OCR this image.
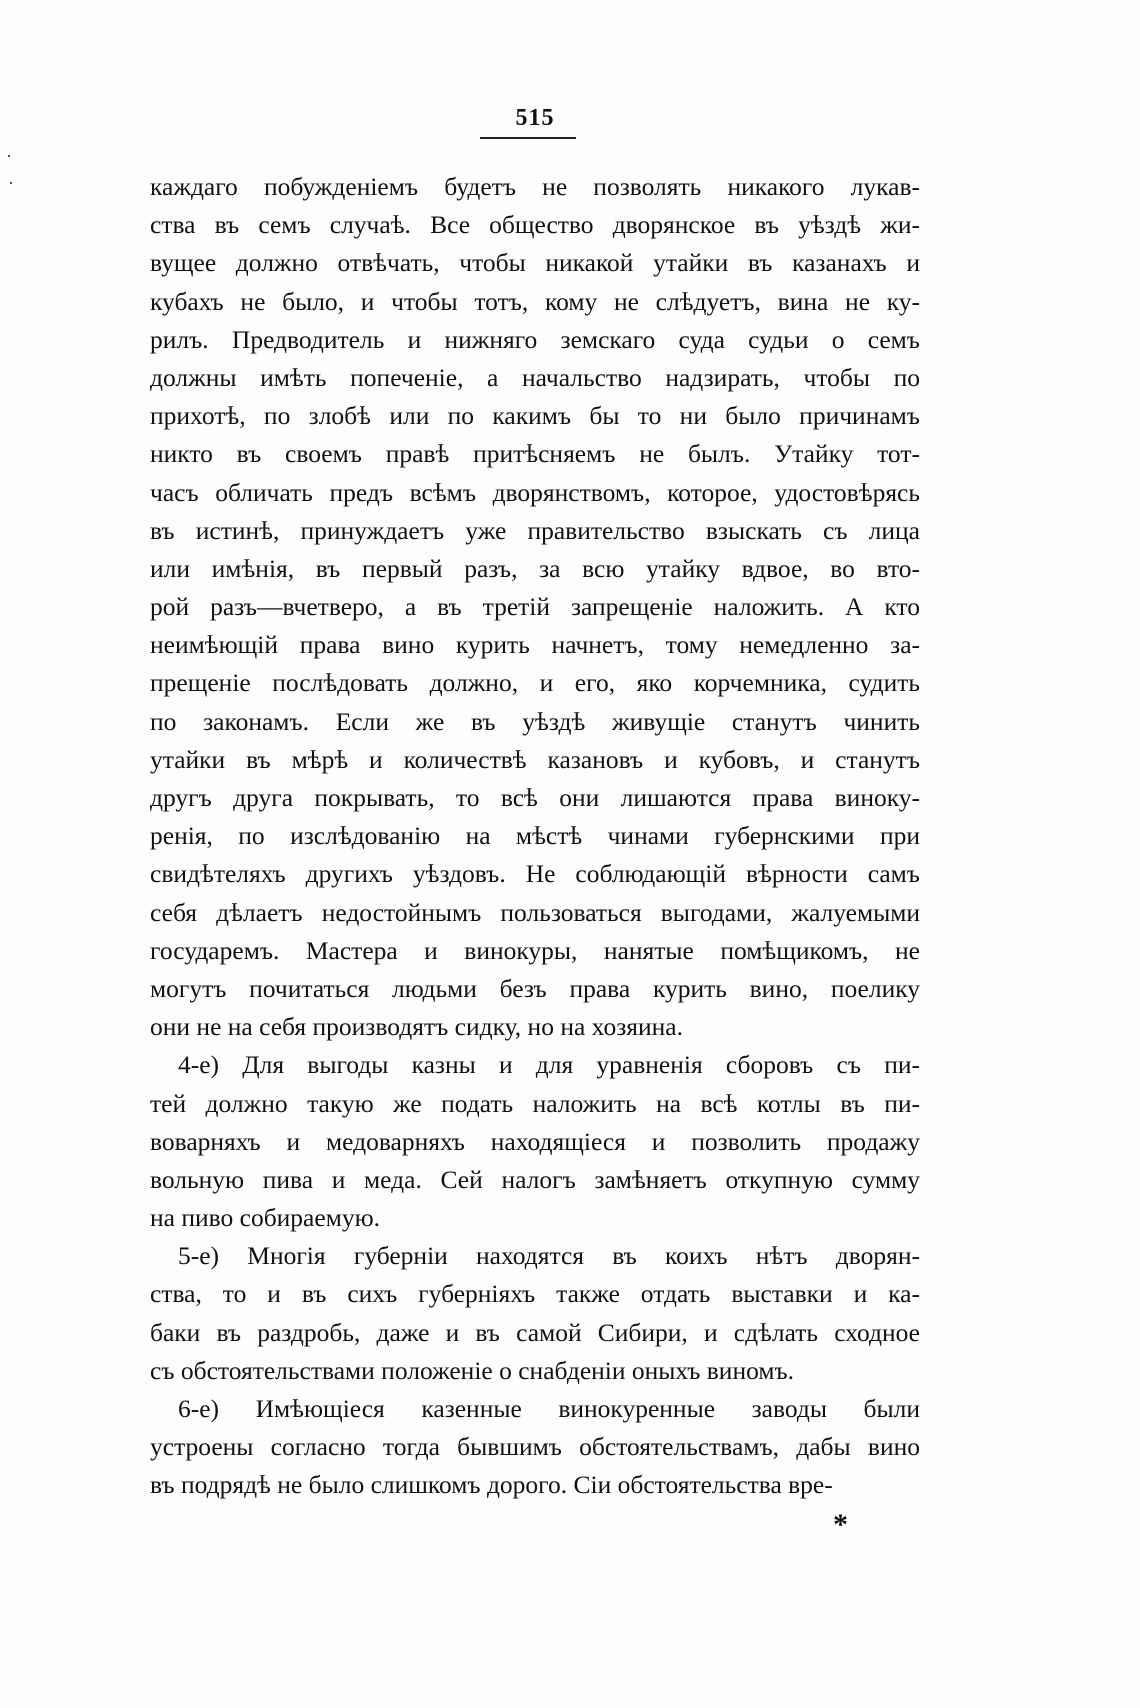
515
каждаго побужденіемъ будетъ не позволять никакого лукав-
ства въ семъ случаѣ. Все общество дворянское въ уѣздѣ жи-
вущее должно отвѣчать, чтобы никакой утайки въ казанахъ и
кубахъ не было, и чтобы тотъ, кому не слѣдуетъ, вина не ку-
рилъ. Предводитель и нижняго земскаго суда судьи о семъ
должны имѣть попеченіе, а начальство надзирать, чтобы по
прихотѣ, по злобѣ или по какимъ бы то ни было причинамъ
никто въ своемъ правѣ притѣсняемъ не былъ. Утайку тот-
часъ обличать предъ всѣмъ дворянствомъ, которое, удостовѣрясь
въ истинѣ, принуждаетъ уже правительство взыскать съ лица
или имѣнія, въ первый разъ, за всю утайку вдвое, во вто-
рой разъ—вчетверо, а въ третій запрещеніе наложить. А кто
неимѣющій права вино курить начнетъ, тому немедленно за-
прещеніе послѣдовать должно, и его, яко корчемника, судить
по законамъ. Если же въ уѣздѣ живущіе станутъ чинить
утайки въ мѣрѣ и количествѣ казановъ и кубовъ, и станутъ
другъ друга покрывать, то всѣ они лишаются права винoку-
ренія, по изслѣдованію на мѣстѣ чинами губернскими при
свидѣтеляхъ другихъ уѣздовъ. Не соблюдающій вѣрности самъ
себя дѣлаетъ недостойнымъ пользоваться выгодами, жалуемыми
государемъ. Мастера и винокуры, нанятые помѣщикомъ, не
могутъ почитаться людьми безъ права курить вино, поелику
они не на себя производятъ сидку, но на хозяина.
4-е) Для выгоды казны и для уравненія сборовъ съ пи-
тей должно такую же подать наложить на всѣ котлы въ пи-
воварняхъ и медоварняхъ находящіеся и позволить продажу
вольную пива и меда. Сей налогъ замѣняетъ откупную сумму
на пиво собираемую.
5-е) Многія губерніи находятся въ коихъ нѣтъ дворян-
ства, то и въ сихъ губерніяхъ также отдать выставки и ка-
баки въ раздробь, даже и въ самой Сибири, и сдѣлать сходное
съ обстоятельствами положеніе о снабденіи оныхъ виномъ.
6-е) Имѣющіеся казенные винокуренные заводы были
устроены согласно тогда бывшимъ обстоятельствамъ, дабы вино
въ подрядѣ не было слишкомъ дорого. Сіи обстоятельства вре-
*
